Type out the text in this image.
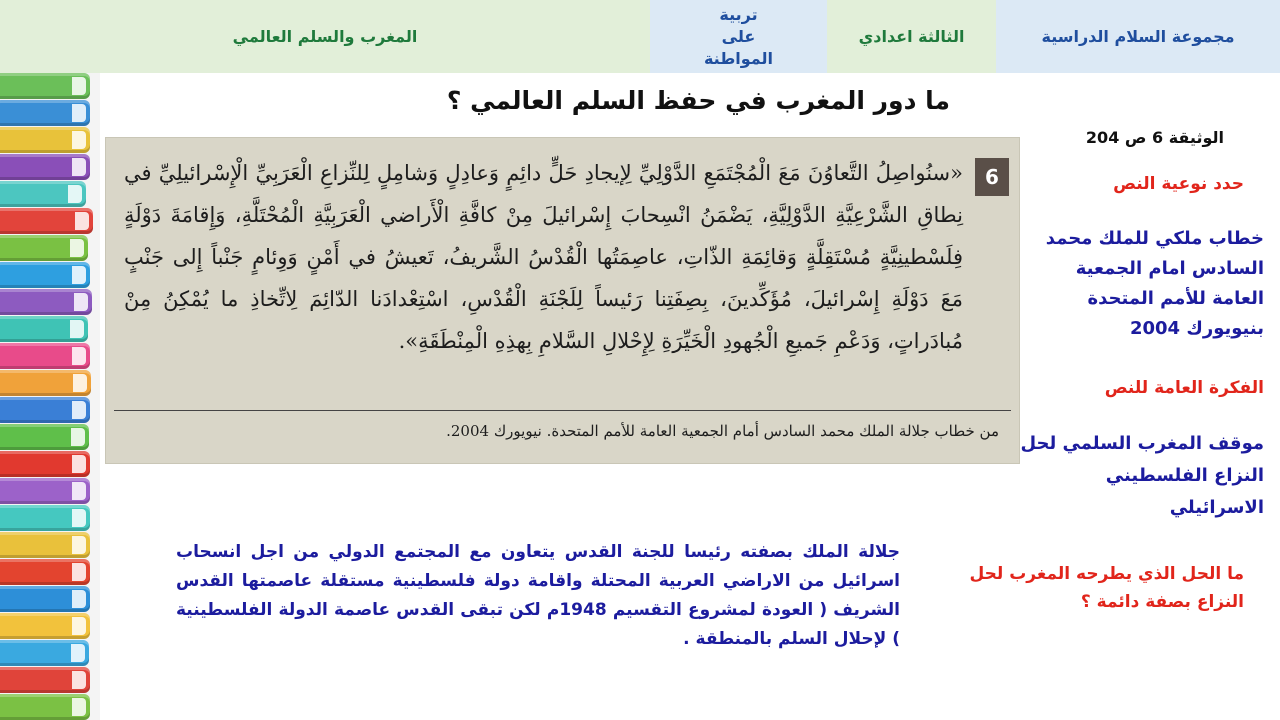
مجموعة السلام الدراسية
الثالثة اعدادي
تربية على المواطنة
المغرب والسلم العالمي
ما دور المغرب في حفظ السلم العالمي ؟
6
«سنُواصِلُ التَّعاوُنَ مَعَ الْمُجْتَمَعِ الدَّوْلِيِّ لِإيجادِ حَلٍّ دائِمٍ وَعادِلٍ وَشامِلٍ لِلنِّزاعِ الْعَرَبِيِّ الْإِسْرائيلِيِّ في نِطاقِ الشَّرْعِيَّةِ الدَّوْلِيَّةِ، يَضْمَنُ انْسِحابَ إِسْرائيلَ مِنْ كافَّةِ الْأَراضي الْعَرَبِيَّةِ الْمُحْتَلَّةِ، وَإِقامَةَ دَوْلَةٍ فِلَسْطينِيَّةٍ مُسْتَقِلَّةٍ وَقائِمَةِ الذّاتِ، عاصِمَتُها الْقُدْسُ الشَّريفُ، تَعيشُ في أَمْنٍ وَوِئامٍ جَنْباً إِلى جَنْبٍ مَعَ دَوْلَةِ إِسْرائيلَ، مُؤَكِّدينَ، بِصِفَتِنا رَئيساً لِلَجْنَةِ الْقُدْسِ، اسْتِعْدادَنا الدّائِمَ لِاتِّخاذِ ما يُمْكِنُ مِنْ مُبادَراتٍ، وَدَعْمِ جَميعِ الْجُهودِ الْخَيِّرَةِ لِإِحْلالِ السَّلامِ بِهذِهِ الْمِنْطَقَةِ».
من خطاب جلالة الملك محمد السادس أمام الجمعية العامة للأمم المتحدة. نيويورك 2004.
الوثيقة 6 ص 204
حدد نوعية النص
خطاب ملكي للملك محمد السادس امام الجمعية العامة للأمم المتحدة بنيويورك 2004
الفكرة العامة للنص
موقف المغرب السلمي لحل النزاع الفلسطيني الاسرائيلي
ما الحل الذي يطرحه المغرب لحل النزاع بصفة دائمة ؟
جلالة الملك بصفته رئيسا للجنة القدس يتعاون مع المجتمع الدولي من اجل انسحاب اسرائيل من الاراضي العربية المحتلة واقامة دولة فلسطينية مستقلة عاصمتها القدس الشريف ( العودة لمشروع التقسيم 1948م لكن تبقى القدس عاصمة الدولة الفلسطينية ) لإحلال السلم بالمنطقة .
